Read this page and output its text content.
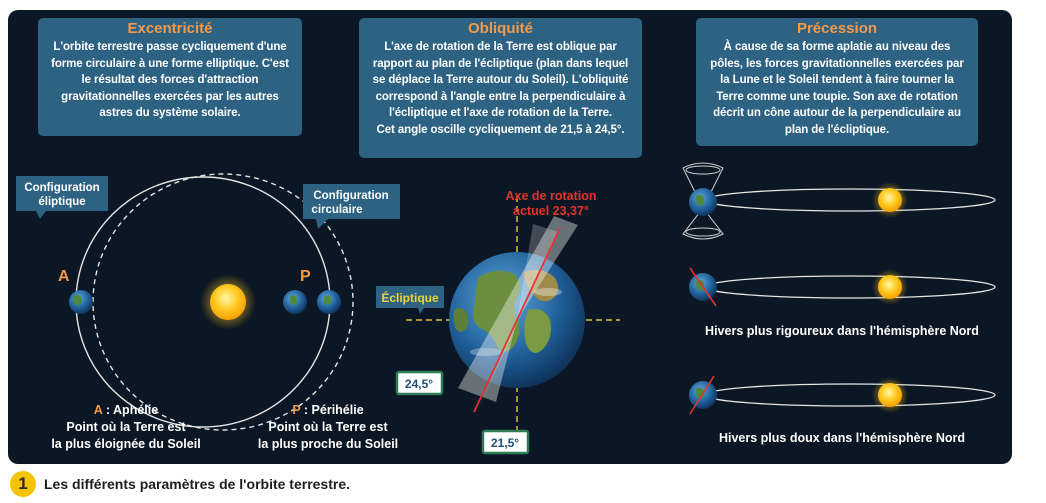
A	P
Configuration
éliptique	Configuration
circulaire
Axe de rotation
actuel 23,37°
Écliptique
24,5°
21,5°
Hivers plus rigoureux dans l'hémisphère Nord
Hivers plus doux dans l'hémisphère Nord
Excentricité

L'orbite terrestre passe cycliquement d'une forme circulaire à une forme elliptique. C'est le résultat des forces d'attraction gravitationnelles exercées par les autres astres du système solaire.

Obliquité

L'axe de rotation de la Terre est oblique par rapport au plan de l'écliptique (plan dans lequel se déplace la Terre autour du Soleil). L'obliquité correspond à l'angle entre la perpendiculaire à l'écliptique et l'axe de rotation de la Terre.

Cet angle oscille cycliquement de 21,5 à 24,5°.

Précession

À cause de sa forme aplatie au niveau des pôles, les forces gravitationnelles exercées par la Lune et le Soleil tendent à faire tourner la Terre comme une toupie. Son axe de rotation décrit un cône autour de la perpendiculaire au plan de l'écliptique.

A : Aphélie
Point où la Terre est
la plus éloignée du Soleil
P : Périhélie
Point où la Terre est
la plus proche du Soleil
1	Les différents paramètres de l'orbite terrestre.
